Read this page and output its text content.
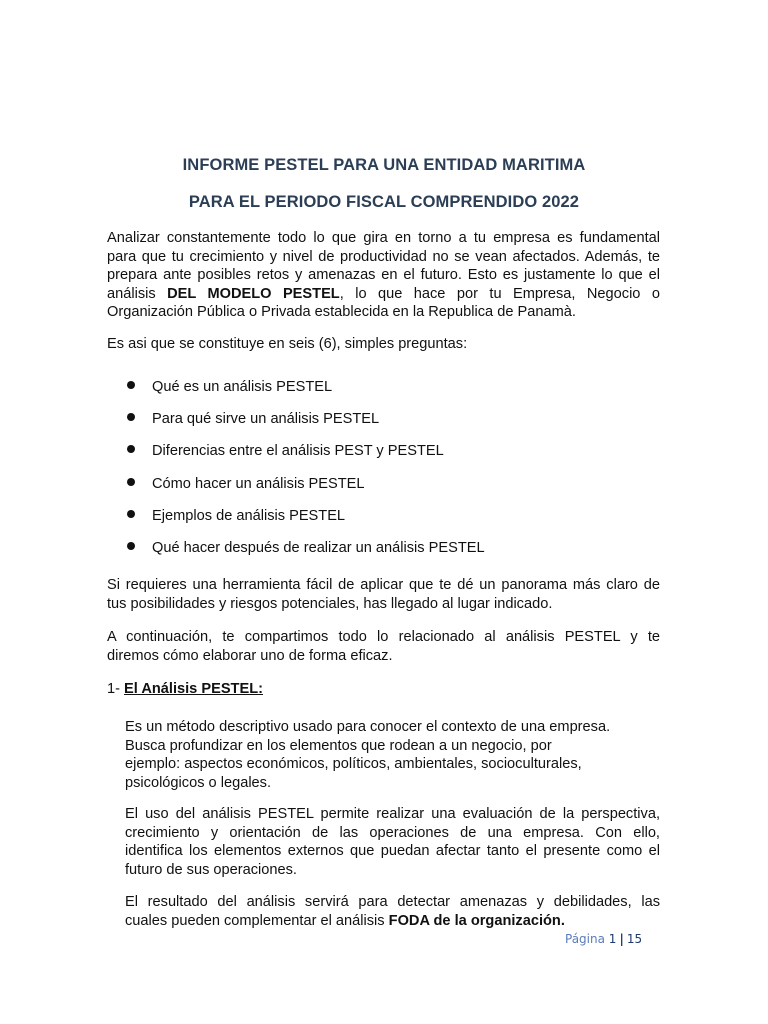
INFORME PESTEL PARA UNA ENTIDAD MARITIMA
PARA EL PERIODO FISCAL COMPRENDIDO 2022
Analizar constantemente todo lo que gira en torno a tu empresa es fundamental
para que tu crecimiento y nivel de productividad no se vean afectados. Además, te
prepara ante posibles retos y amenazas en el futuro. Esto es justamente lo que el
análisis DEL MODELO PESTEL, lo que hace por tu Empresa, Negocio o
Organización Pública o Privada establecida en la Republica de Panamà.
Es asi que se constituye en seis (6), simples preguntas:
Qué es un análisis PESTEL
Para qué sirve un análisis PESTEL
Diferencias entre el análisis PEST y PESTEL
Cómo hacer un análisis PESTEL
Ejemplos de análisis PESTEL
Qué hacer después de realizar un análisis PESTEL
Si requieres una herramienta fácil de aplicar que te dé un panorama más claro de
tus posibilidades y riesgos potenciales, has llegado al lugar indicado.
A continuación, te compartimos todo lo relacionado al análisis PESTEL y te
diremos cómo elaborar uno de forma eficaz.
1- El Análisis PESTEL:
Es un método descriptivo usado para conocer el contexto de una empresa.
Busca profundizar en los elementos que rodean a un negocio, por
ejemplo: aspectos económicos, políticos, ambientales, socioculturales,
psicológicos o legales.
El uso del análisis PESTEL permite realizar una evaluación de la perspectiva,
crecimiento y orientación de las operaciones de una empresa. Con ello,
identifica los elementos externos que puedan afectar tanto el presente como el
futuro de sus operaciones.
El resultado del análisis servirá para detectar amenazas y debilidades, las
cuales pueden complementar el análisis FODA de la organización.
Página 1 | 15
